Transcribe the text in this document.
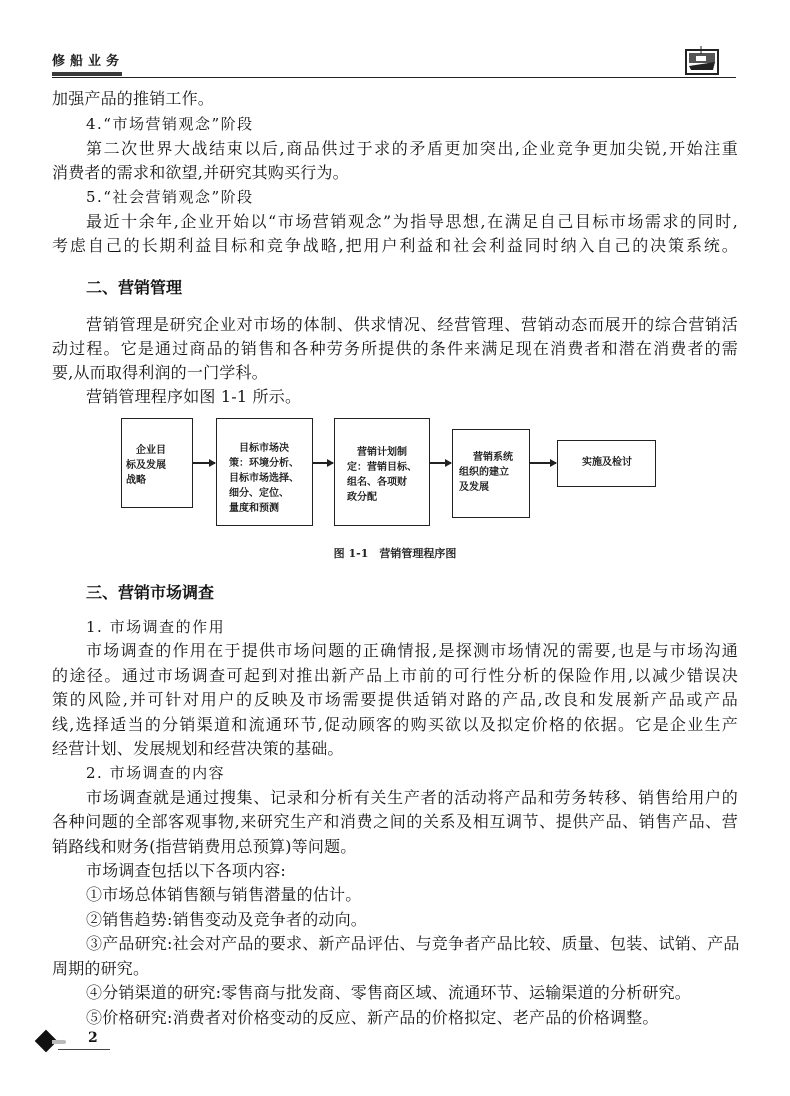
修船业务
加强产品的推销工作。
4.“市场营销观念”阶段
第二次世界大战结束以后,商品供过于求的矛盾更加突出,企业竞争更加尖锐,开始注重
消费者的需求和欲望,并研究其购买行为。
5.“社会营销观念”阶段
最近十余年,企业开始以“市场营销观念”为指导思想,在满足自己目标市场需求的同时,
考虑自己的长期利益目标和竞争战略,把用户利益和社会利益同时纳入自己的决策系统。
二、营销管理
营销管理是研究企业对市场的体制、供求情况、经营管理、营销动态而展开的综合营销活
动过程。它是通过商品的销售和各种劳务所提供的条件来满足现在消费者和潜在消费者的需
要,从而取得利润的一门学科。
营销管理程序如图 1-1 所示。
企业目
标及发展
战略
目标市场决
策：环境分析、
目标市场选择、
细分、定位、
量度和预测
营销计划制
定：营销目标、
组名、各项财
政分配
营销系统
组织的建立
及发展
实施及检讨
图 1-1　营销管理程序图
三、营销市场调查
1. 市场调查的作用
市场调查的作用在于提供市场问题的正确情报,是探测市场情况的需要,也是与市场沟通
的途径。通过市场调查可起到对推出新产品上市前的可行性分析的保险作用,以减少错误决
策的风险,并可针对用户的反映及市场需要提供适销对路的产品,改良和发展新产品或产品
线,选择适当的分销渠道和流通环节,促动顾客的购买欲以及拟定价格的依据。它是企业生产
经营计划、发展规划和经营决策的基础。
2. 市场调查的内容
市场调查就是通过搜集、记录和分析有关生产者的活动将产品和劳务转移、销售给用户的
各种问题的全部客观事物,来研究生产和消费之间的关系及相互调节、提供产品、销售产品、营
销路线和财务(指营销费用总预算)等问题。
市场调查包括以下各项内容:
①市场总体销售额与销售潜量的估计。
②销售趋势:销售变动及竞争者的动向。
③产品研究:社会对产品的要求、新产品评估、与竞争者产品比较、质量、包装、试销、产品
周期的研究。
④分销渠道的研究:零售商与批发商、零售商区域、流通环节、运输渠道的分析研究。
⑤价格研究:消费者对价格变动的反应、新产品的价格拟定、老产品的价格调整。
2
